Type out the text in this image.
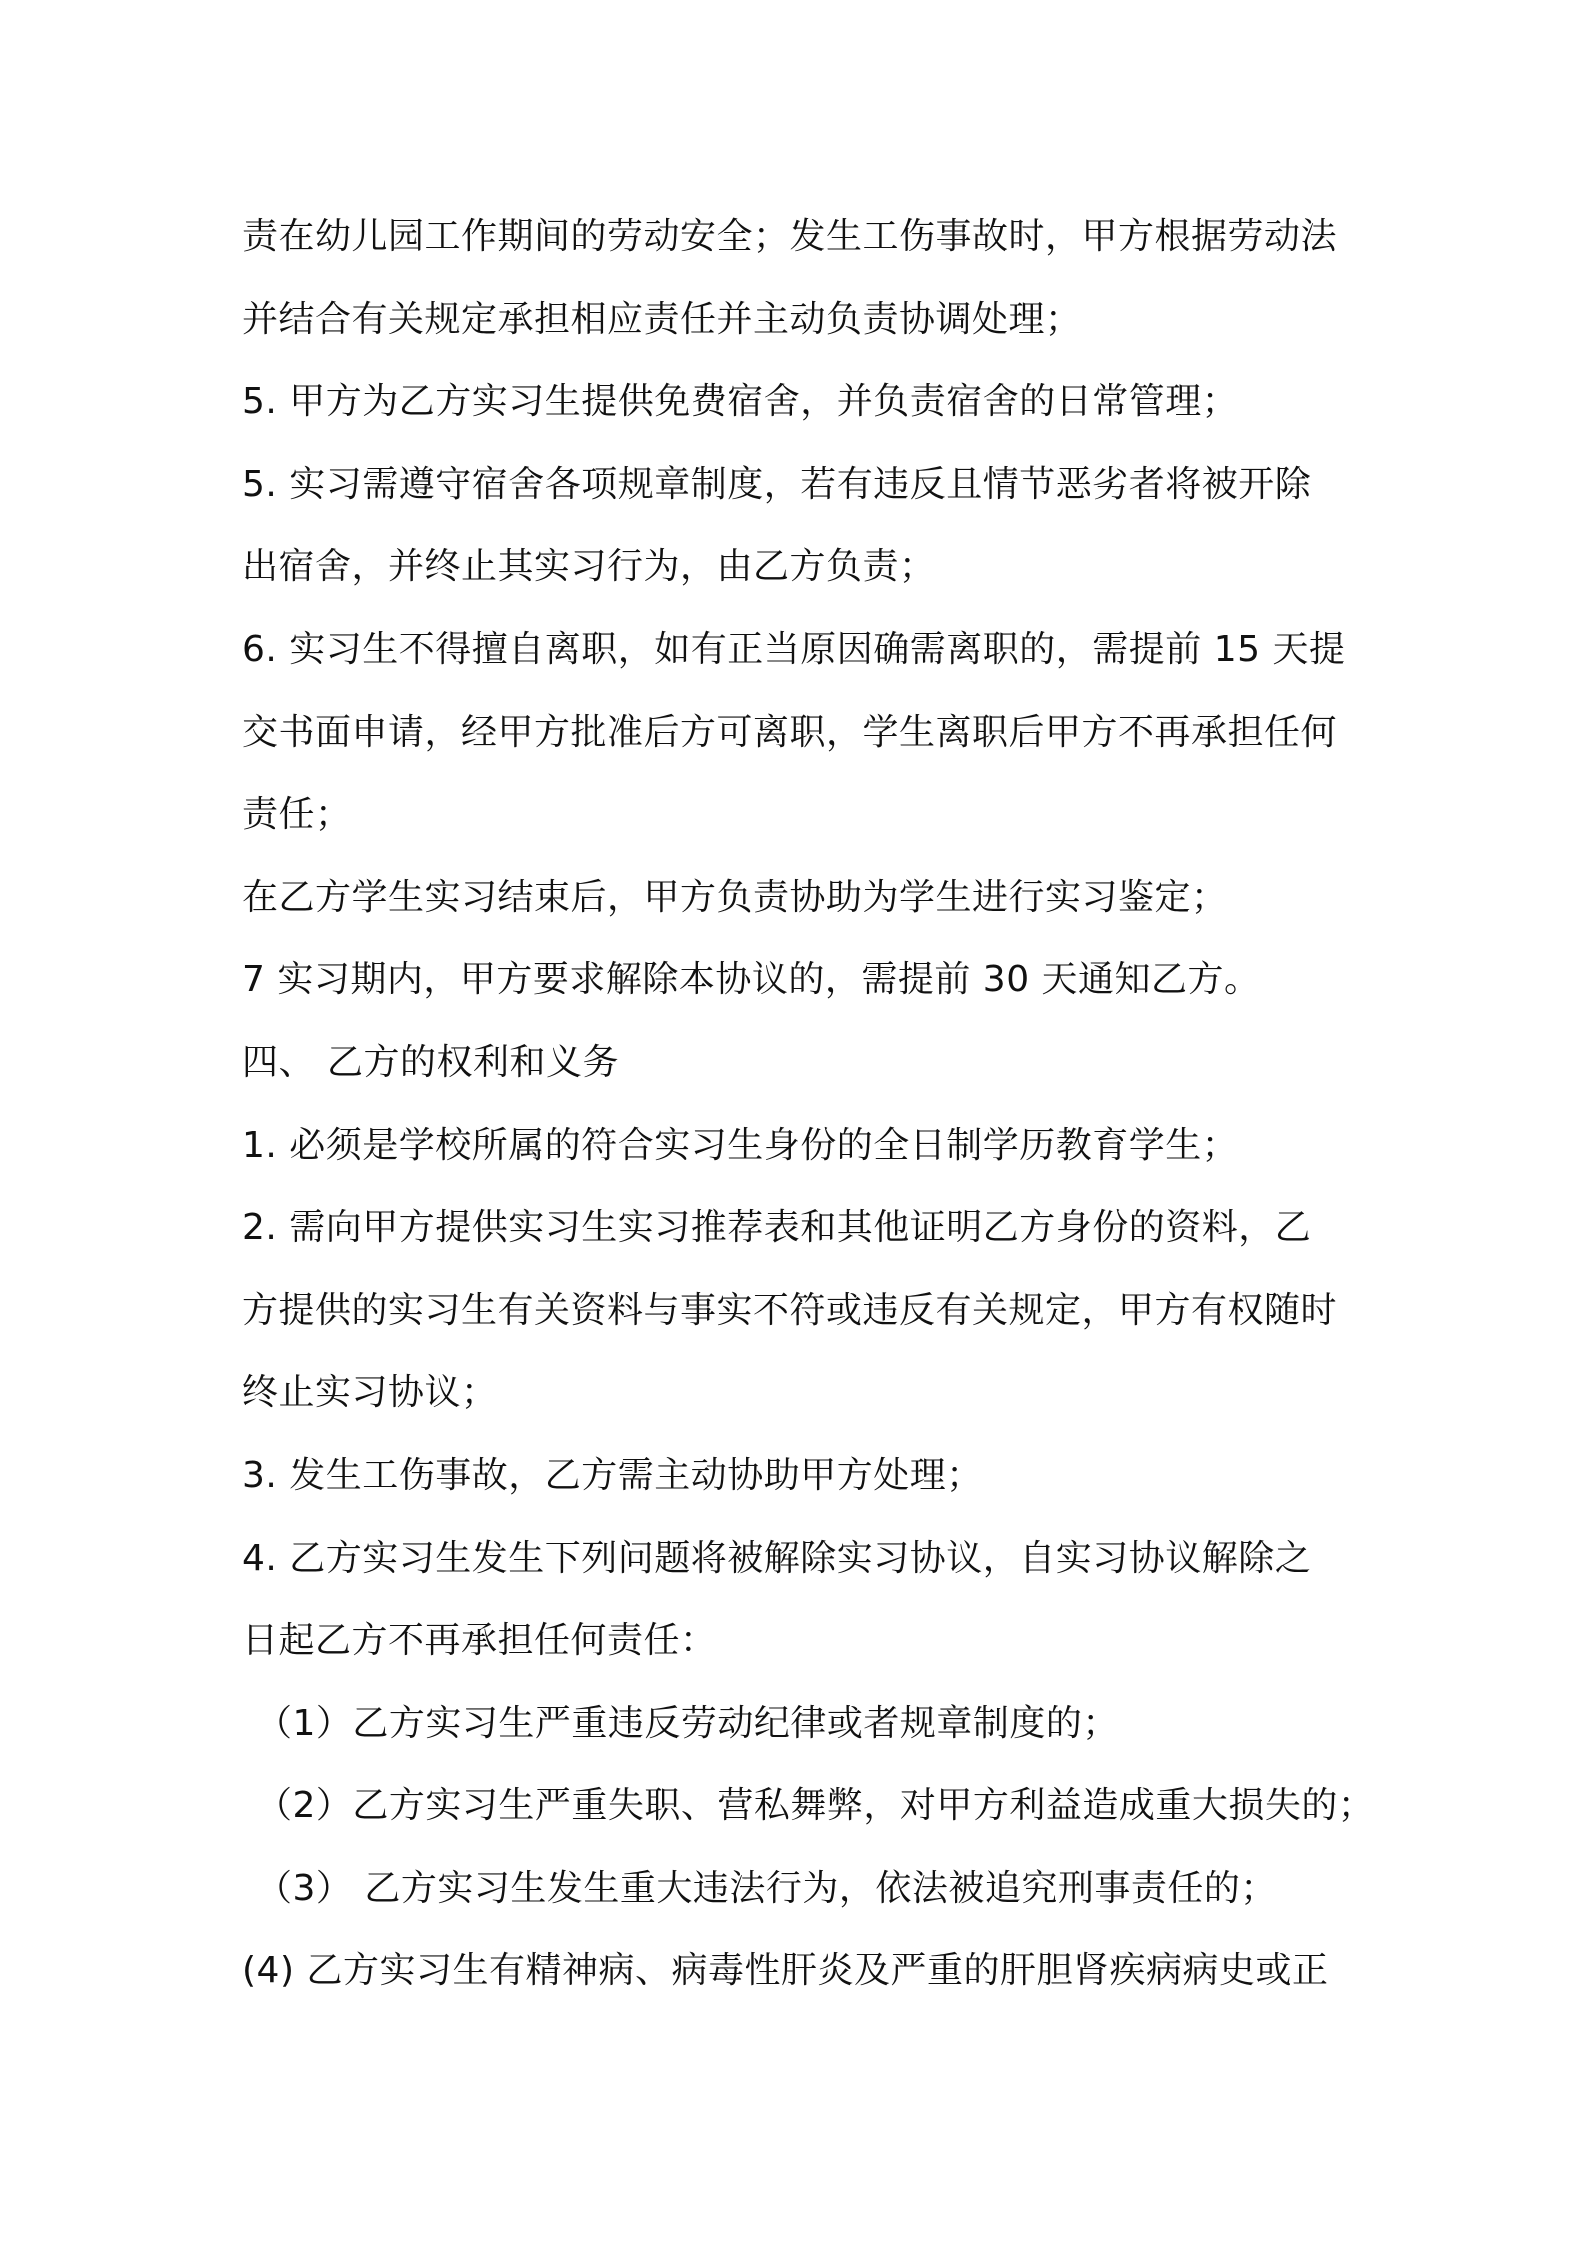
责在幼儿园工作期间的劳动安全；发生工伤事故时，甲方根据劳动法
并结合有关规定承担相应责任并主动负责协调处理；
5. 甲方为乙方实习生提供免费宿舍，并负责宿舍的日常管理；
5. 实习需遵守宿舍各项规章制度，若有违反且情节恶劣者将被开除
出宿舍，并终止其实习行为，由乙方负责；
6. 实习生不得擅自离职，如有正当原因确需离职的，需提前 15 天提
交书面申请，经甲方批准后方可离职，学生离职后甲方不再承担任何
责任；
在乙方学生实习结束后，甲方负责协助为学生进行实习鉴定；
7 实习期内，甲方要求解除本协议的，需提前 30 天通知乙方。
四、 乙方的权利和义务
1. 必须是学校所属的符合实习生身份的全日制学历教育学生；
2. 需向甲方提供实习生实习推荐表和其他证明乙方身份的资料，乙
方提供的实习生有关资料与事实不符或违反有关规定，甲方有权随时
终止实习协议；
3. 发生工伤事故，乙方需主动协助甲方处理；
4. 乙方实习生发生下列问题将被解除实习协议，自实习协议解除之
日起乙方不再承担任何责任：
（1）乙方实习生严重违反劳动纪律或者规章制度的；
（2）乙方实习生严重失职、营私舞弊，对甲方利益造成重大损失的；
（3） 乙方实习生发生重大违法行为，依法被追究刑事责任的；
(4) 乙方实习生有精神病、病毒性肝炎及严重的肝胆肾疾病病史或正
